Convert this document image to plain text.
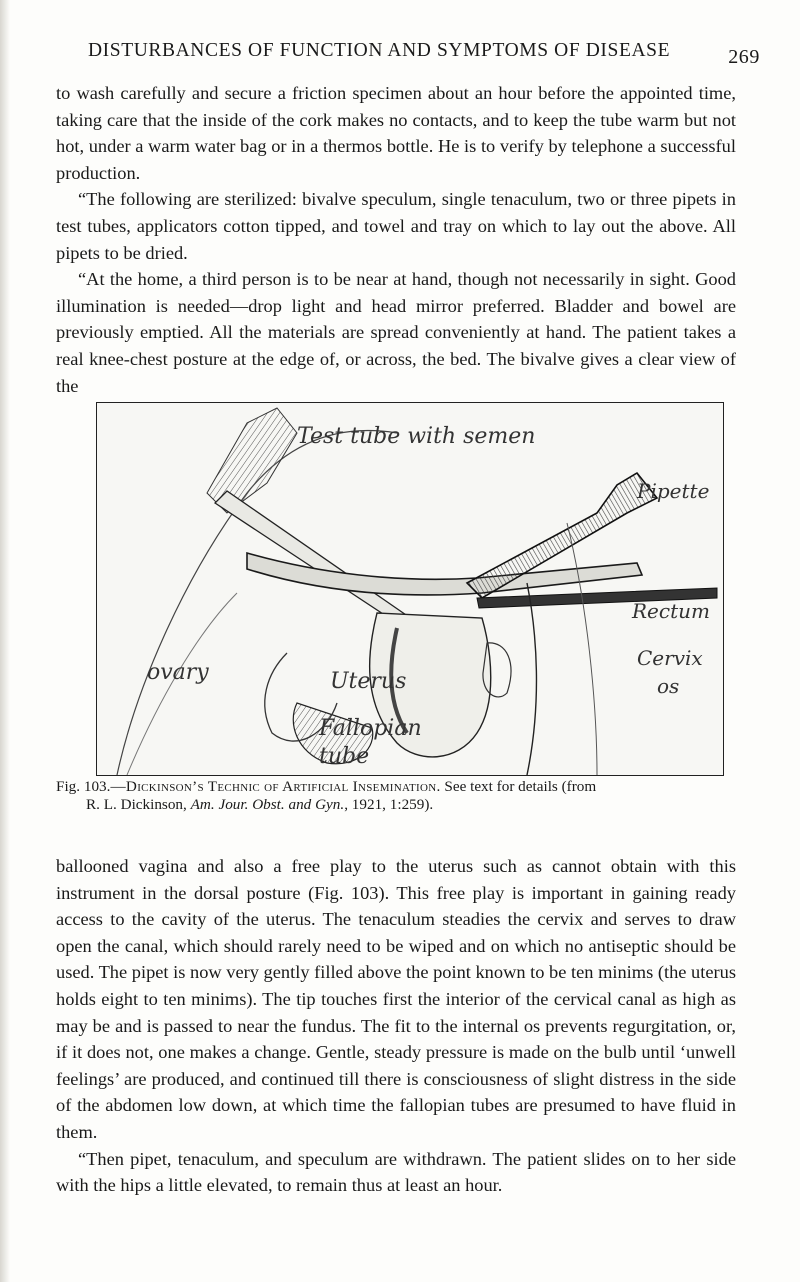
DISTURBANCES OF FUNCTION AND SYMPTOMS OF DISEASE	269

to wash carefully and secure a friction specimen about an hour before the appointed time, taking care that the inside of the cork makes no contacts, and to keep the tube warm but not hot, under a warm water bag or in a thermos bottle. He is to verify by telephone a successful production.

“The following are sterilized: bivalve speculum, single tenaculum, two or three pipets in test tubes, applicators cotton tipped, and towel and tray on which to lay out the above. All pipets to be dried.

“At the home, a third person is to be near at hand, though not necessarily in sight. Good illumination is needed—drop light and head mirror preferred. Bladder and bowel are previously emptied. All the materials are spread conveniently at hand. The patient takes a real knee-chest posture at the edge of, or across, the bed. The bivalve gives a clear view of the

Test tube with semen
Pipette
Rectum
Cervix
os
ovary	Uterus
Fallopian
tube
Fig. 103.—Dickinson’s Technic of Artificial Insemination. See text for details (from
R. L. Dickinson, Am. Jour. Obst. and Gyn., 1921, 1:259).

ballooned vagina and also a free play to the uterus such as cannot obtain with this instrument in the dorsal posture (Fig. 103). This free play is important in gaining ready access to the cavity of the uterus. The tenaculum steadies the cervix and serves to draw open the canal, which should rarely need to be wiped and on which no antiseptic should be used. The pipet is now very gently filled above the point known to be ten minims (the uterus holds eight to ten minims). The tip touches first the interior of the cervical canal as high as may be and is passed to near the fundus. The fit to the internal os prevents regurgitation, or, if it does not, one makes a change. Gentle, steady pressure is made on the bulb until ‘unwell feelings’ are produced, and continued till there is consciousness of slight distress in the side of the abdomen low down, at which time the fallopian tubes are presumed to have fluid in them.

“Then pipet, tenaculum, and speculum are withdrawn. The patient slides on to her side with the hips a little elevated, to remain thus at least an hour.
